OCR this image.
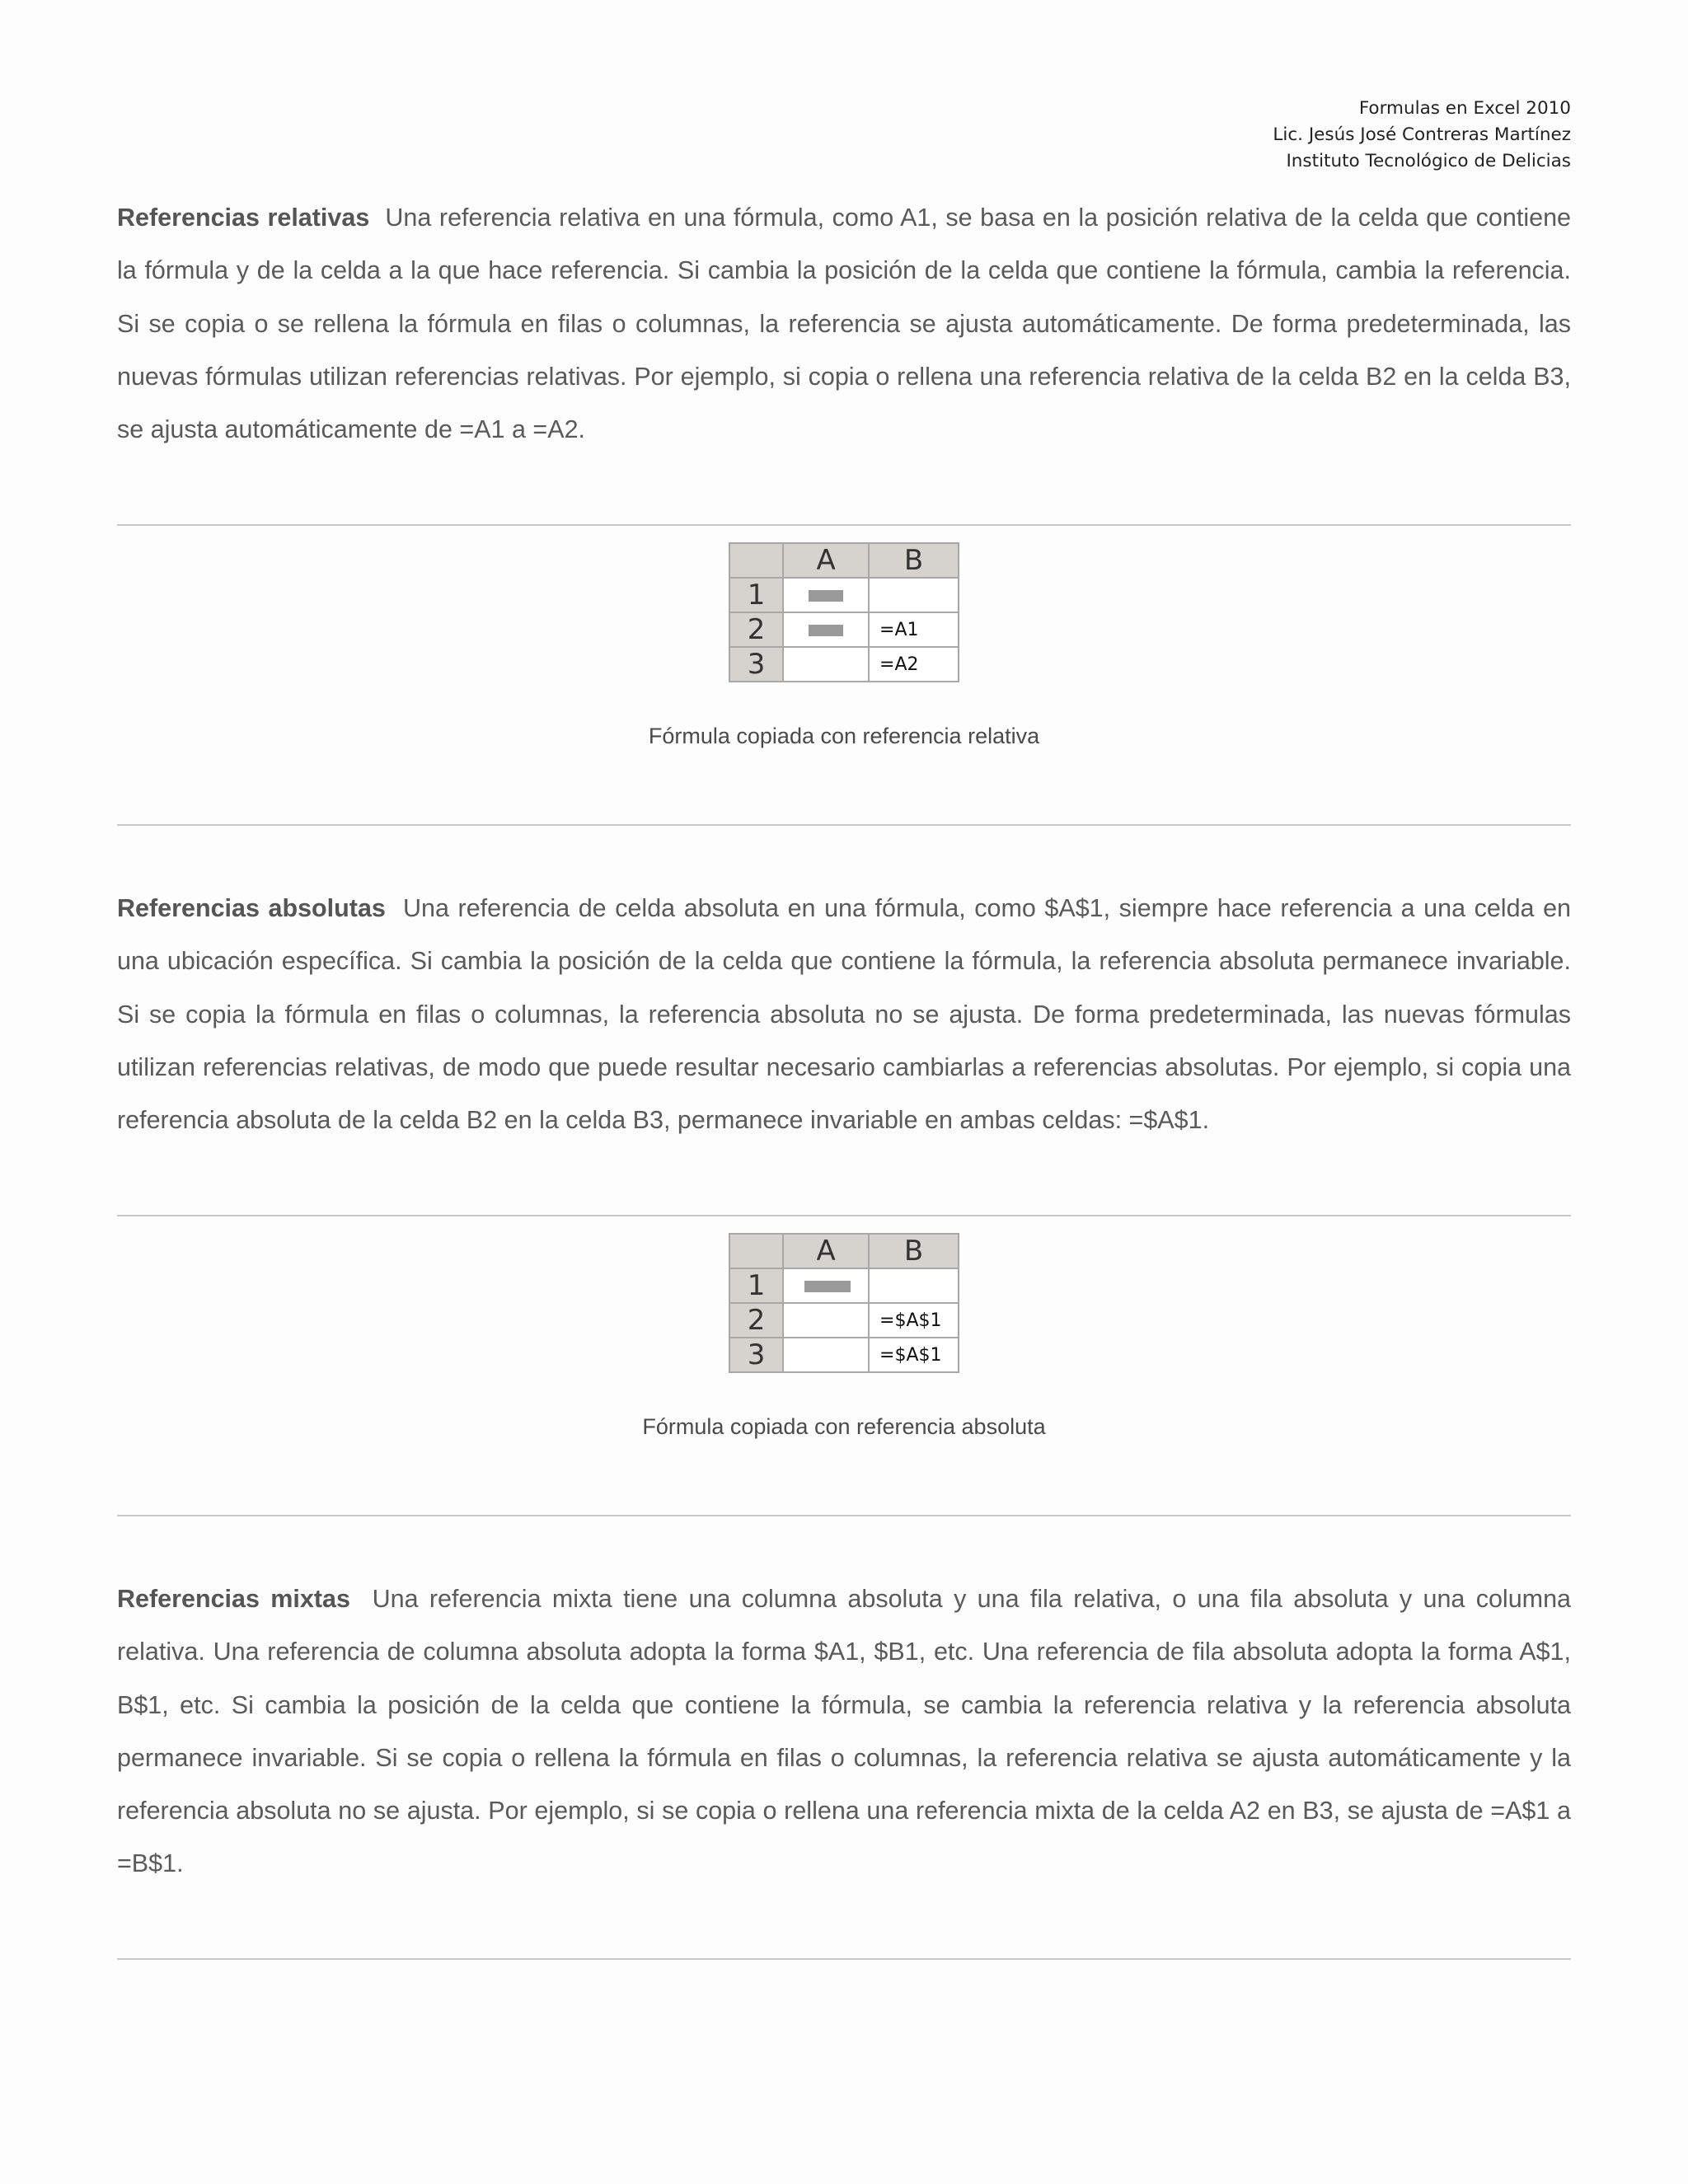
Formulas en Excel 2010
Lic. Jesús José Contreras Martínez
Instituto Tecnológico de Delicias

Referencias relativas Una referencia relativa en una fórmula, como A1, se basa en la posición relativa de la celda que contiene la fórmula y de la celda a la que hace referencia. Si cambia la posición de la celda que contiene la fórmula, cambia la referencia. Si se copia o se rellena la fórmula en filas o columnas, la referencia se ajusta automáticamente. De forma predeterminada, las nuevas fórmulas utilizan referencias relativas. Por ejemplo, si copia o rellena una referencia relativa de la celda B2 en la celda B3, se ajusta automáticamente de =A1 a =A2.

	A	B
1		
2		=A1
3		=A2
Fórmula copiada con referencia relativa

Referencias absolutas Una referencia de celda absoluta en una fórmula, como $A$1, siempre hace referencia a una celda en una ubicación específica. Si cambia la posición de la celda que contiene la fórmula, la referencia absoluta permanece invariable. Si se copia la fórmula en filas o columnas, la referencia absoluta no se ajusta. De forma predeterminada, las nuevas fórmulas utilizan referencias relativas, de modo que puede resultar necesario cambiarlas a referencias absolutas. Por ejemplo, si copia una referencia absoluta de la celda B2 en la celda B3, permanece invariable en ambas celdas: =$A$1.

	A	B
1		
2		=$A$1
3		=$A$1
Fórmula copiada con referencia absoluta

Referencias mixtas Una referencia mixta tiene una columna absoluta y una fila relativa, o una fila absoluta y una columna relativa. Una referencia de columna absoluta adopta la forma $A1, $B1, etc. Una referencia de fila absoluta adopta la forma A$1, B$1, etc. Si cambia la posición de la celda que contiene la fórmula, se cambia la referencia relativa y la referencia absoluta permanece invariable. Si se copia o rellena la fórmula en filas o columnas, la referencia relativa se ajusta automáticamente y la referencia absoluta no se ajusta. Por ejemplo, si se copia o rellena una referencia mixta de la celda A2 en B3, se ajusta de =A$1 a =B$1.
